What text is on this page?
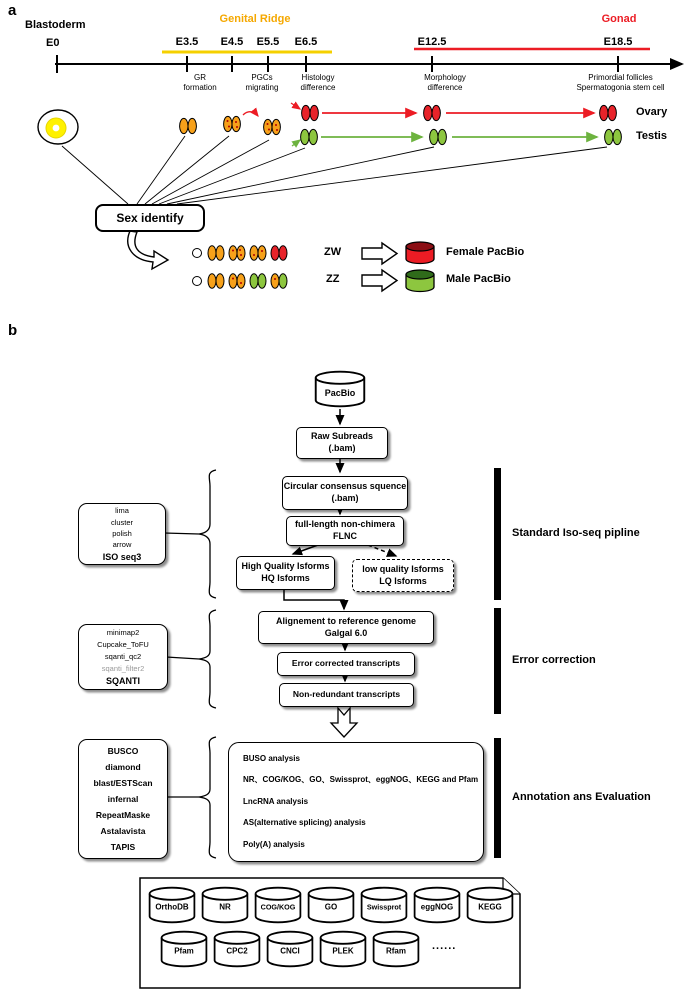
a
Blastoderm
E0
Genital Ridge	Gonad
E3.5	E4.5	E5.5	E6.5	E12.5	E18.5
GR
formation
PGCs
migrating
Histology
difference
Morphology
difference
Primordial follicles
Spermatogonia stem cell
Ovary
Testis
Sex identify
ZW
ZZ
Female PacBio
Male PacBio
b
PacBio
Raw Subreads
(.bam)
Circular consensus squence
(.bam)
full-length non-chimera
FLNC
High Quality Isforms
HQ Isforms
low quality Isforms
LQ Isforms
Alignement to reference genome
Galgal 6.0
Error corrected transcripts
Non-redundant transcripts
BUSO analysis
NR、COG/KOG、GO、Swissprot、eggNOG、KEGG and Pfam
LncRNA analysis
AS(alternative splicing) analysis
Poly(A) analysis
lima
cluster
polish
arrow
ISO seq3
minimap2
Cupcake_ToFU
sqanti_qc2
sqanti_filter2
SQANTI
BUSCO
diamond
blast/ESTScan
infernal
RepeatMaske
Astalavista
TAPIS
Standard Iso-seq pipline
Error correction
Annotation ans Evaluation
OrthoDB	NR	COG/KOG	GO	Swissprot	eggNOG	KEGG
Pfam	CPC2	CNCI	PLEK	Rfam	......
